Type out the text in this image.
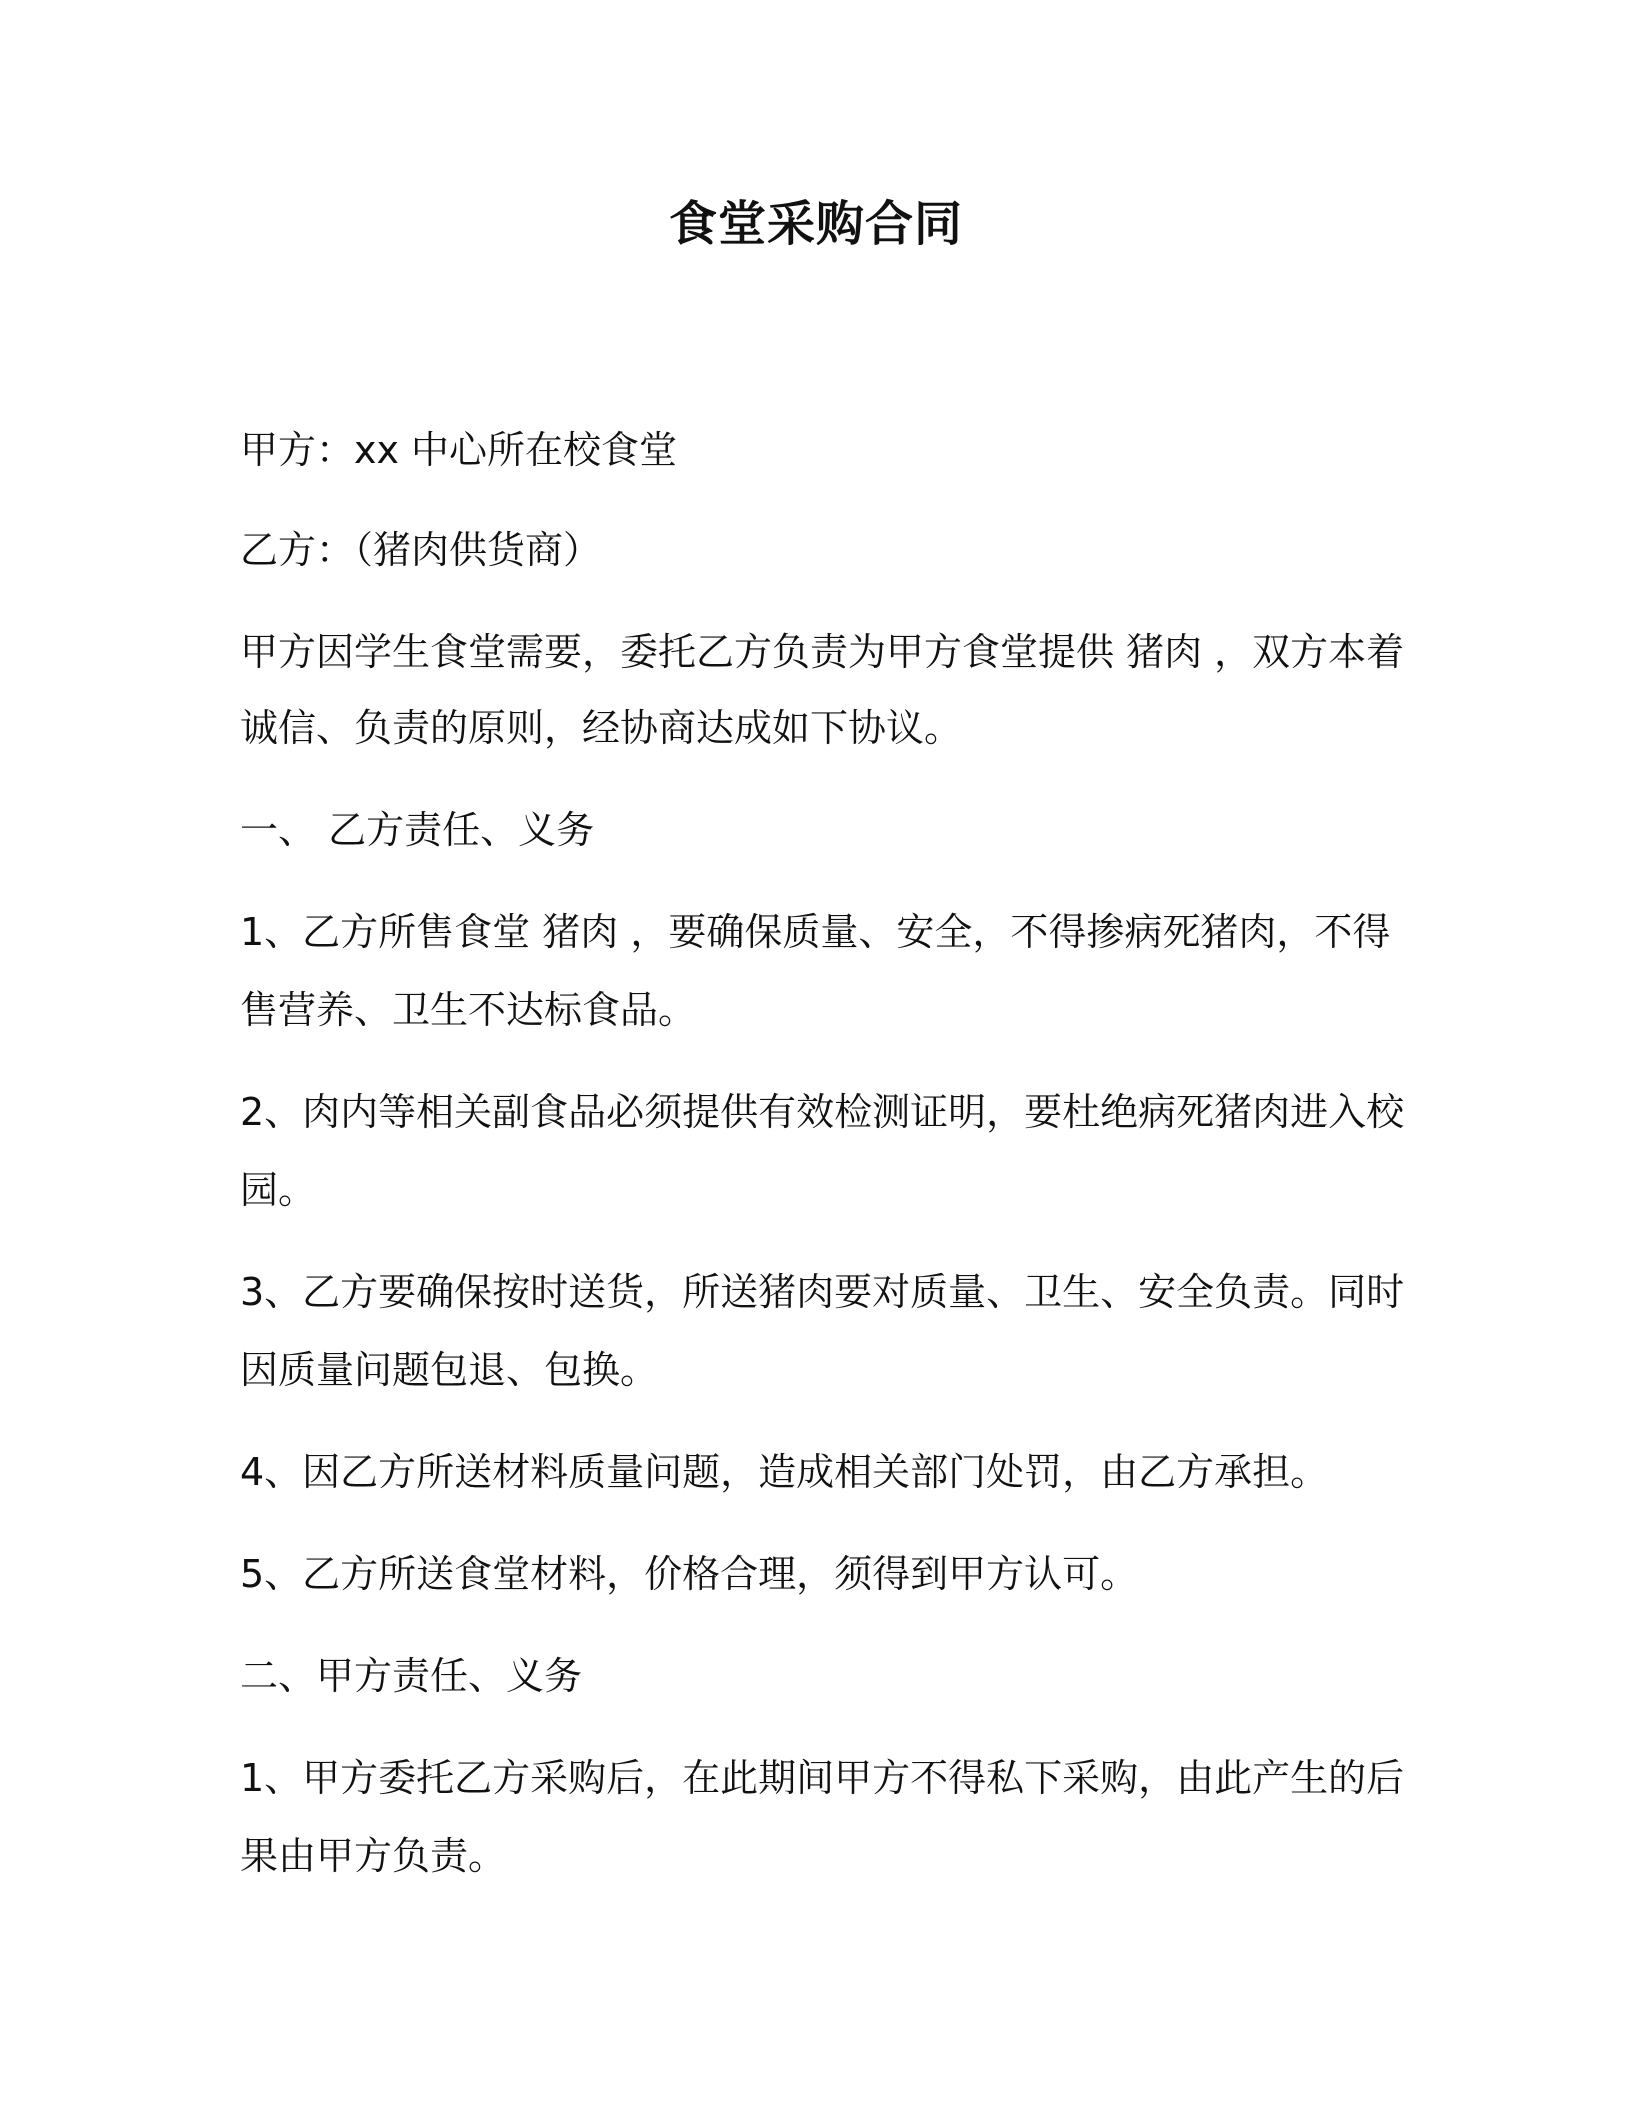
食堂采购合同
甲方：xx 中心所在校食堂
乙方：（猪肉供货商）
甲方因学生食堂需要，委托乙方负责为甲方食堂提供 猪肉 ，双方本着
诚信、负责的原则，经协商达成如下协议。
一、 乙方责任、义务
1、乙方所售食堂 猪肉 ，要确保质量、安全，不得掺病死猪肉，不得
售营养、卫生不达标食品。
2、肉内等相关副食品必须提供有效检测证明，要杜绝病死猪肉进入校
园。
3、乙方要确保按时送货，所送猪肉要对质量、卫生、安全负责。同时
因质量问题包退、包换。
4、因乙方所送材料质量问题，造成相关部门处罚，由乙方承担。
5、乙方所送食堂材料，价格合理，须得到甲方认可。
二、甲方责任、义务
1、甲方委托乙方采购后，在此期间甲方不得私下采购，由此产生的后
果由甲方负责。
